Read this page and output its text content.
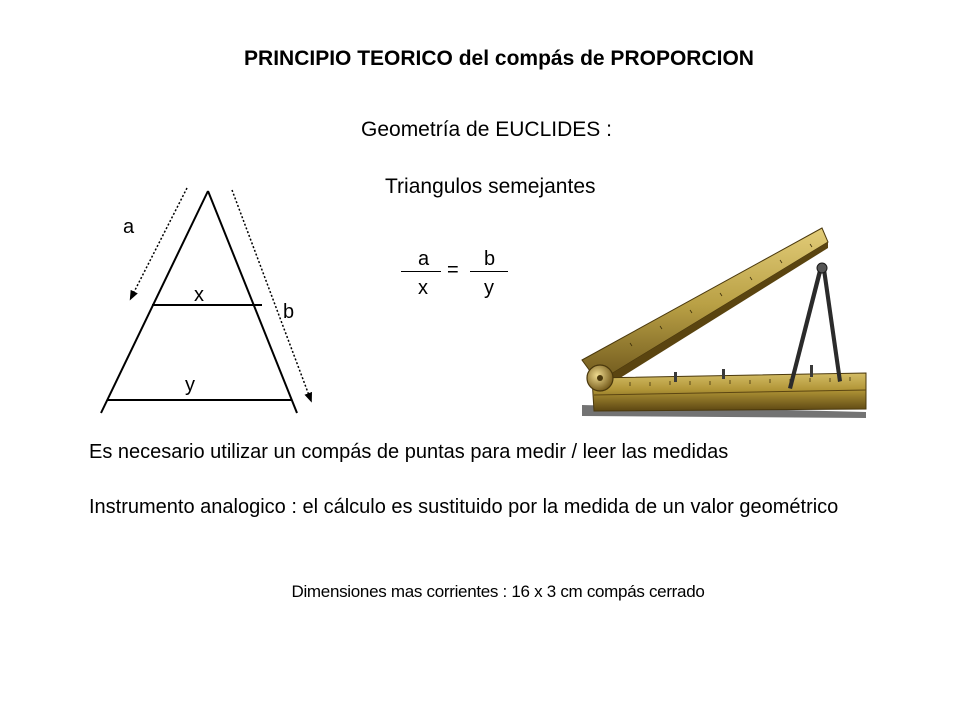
PRINCIPIO TEORICO del compás de PROPORCION
Geometría de EUCLIDES :
Triangulos semejantes
a
x
b
y
a
x
= b
y
Es necesario utilizar un compás de puntas para medir / leer las medidas
Instrumento analogico : el cálculo es sustituido por la medida de un valor geométrico
Dimensiones mas corrientes : 16 x 3 cm compás cerrado
